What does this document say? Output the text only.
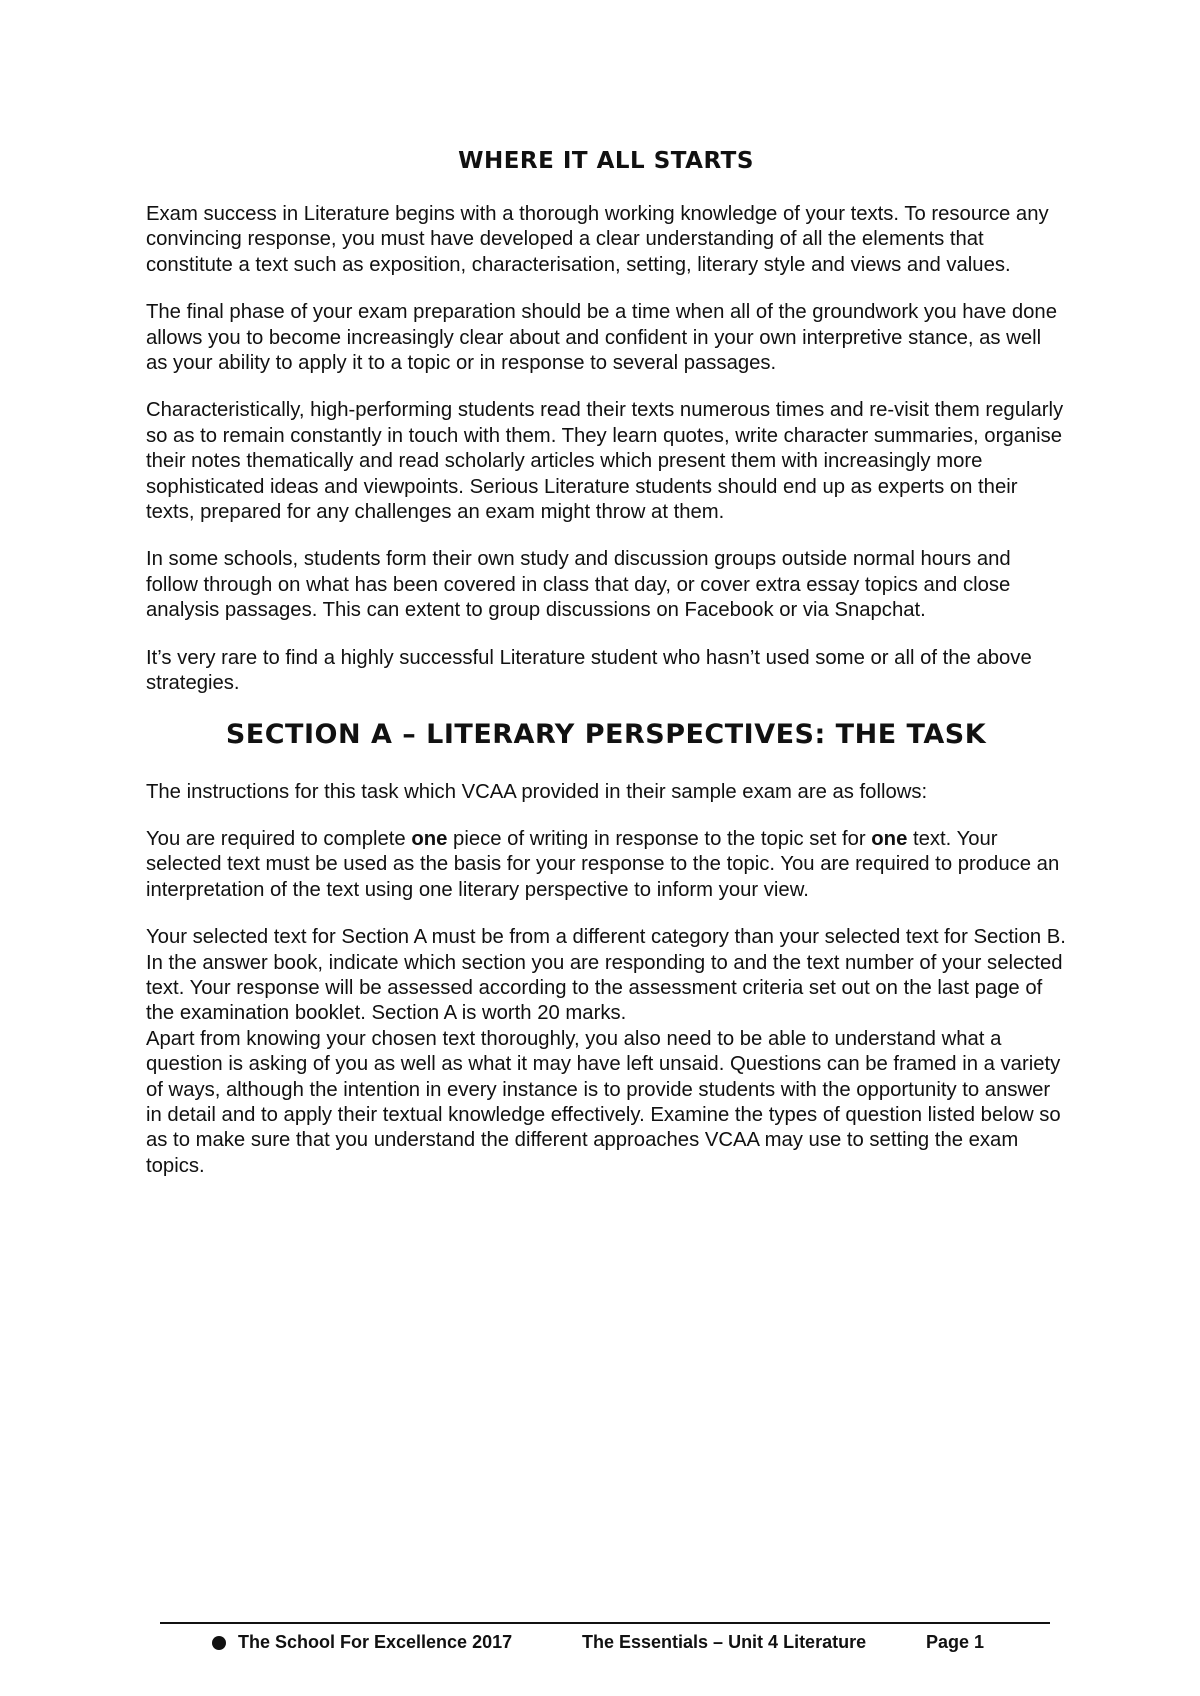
WHERE IT ALL STARTS

Exam success in Literature begins with a thorough working knowledge of your texts. To resource any convincing response, you must have developed a clear understanding of all the elements that constitute a text such as exposition, characterisation, setting, literary style and views and values.

The final phase of your exam preparation should be a time when all of the groundwork you have done allows you to become increasingly clear about and confident in your own interpretive stance, as well as your ability to apply it to a topic or in response to several passages.

Characteristically, high-performing students read their texts numerous times and re-visit them regularly so as to remain constantly in touch with them. They learn quotes, write character summaries, organise their notes thematically and read scholarly articles which present them with increasingly more sophisticated ideas and viewpoints. Serious Literature students should end up as experts on their texts, prepared for any challenges an exam might throw at them.

In some schools, students form their own study and discussion groups outside normal hours and follow through on what has been covered in class that day, or cover extra essay topics and close analysis passages. This can extent to group discussions on Facebook or via Snapchat.

It’s very rare to find a highly successful Literature student who hasn’t used some or all of the above strategies.

SECTION A – LITERARY PERSPECTIVES: THE TASK

The instructions for this task which VCAA provided in their sample exam are as follows:

You are required to complete one piece of writing in response to the topic set for one text. Your selected text must be used as the basis for your response to the topic. You are required to produce an interpretation of the text using one literary perspective to inform your view.

Your selected text for Section A must be from a different category than your selected text for Section B. In the answer book, indicate which section you are responding to and the text number of your selected text. Your response will be assessed according to the assessment criteria set out on the last page of the examination booklet. Section A is worth 20 marks.

Apart from knowing your chosen text thoroughly, you also need to be able to understand what a question is asking of you as well as what it may have left unsaid. Questions can be framed in a variety of ways, although the intention in every instance is to provide students with the opportunity to answer in detail and to apply their textual knowledge effectively. Examine the types of question listed below so as to make sure that you understand the different approaches VCAA may use to setting the exam topics.

The School For Excellence 2017	The Essentials – Unit 4 Literature	Page 1
